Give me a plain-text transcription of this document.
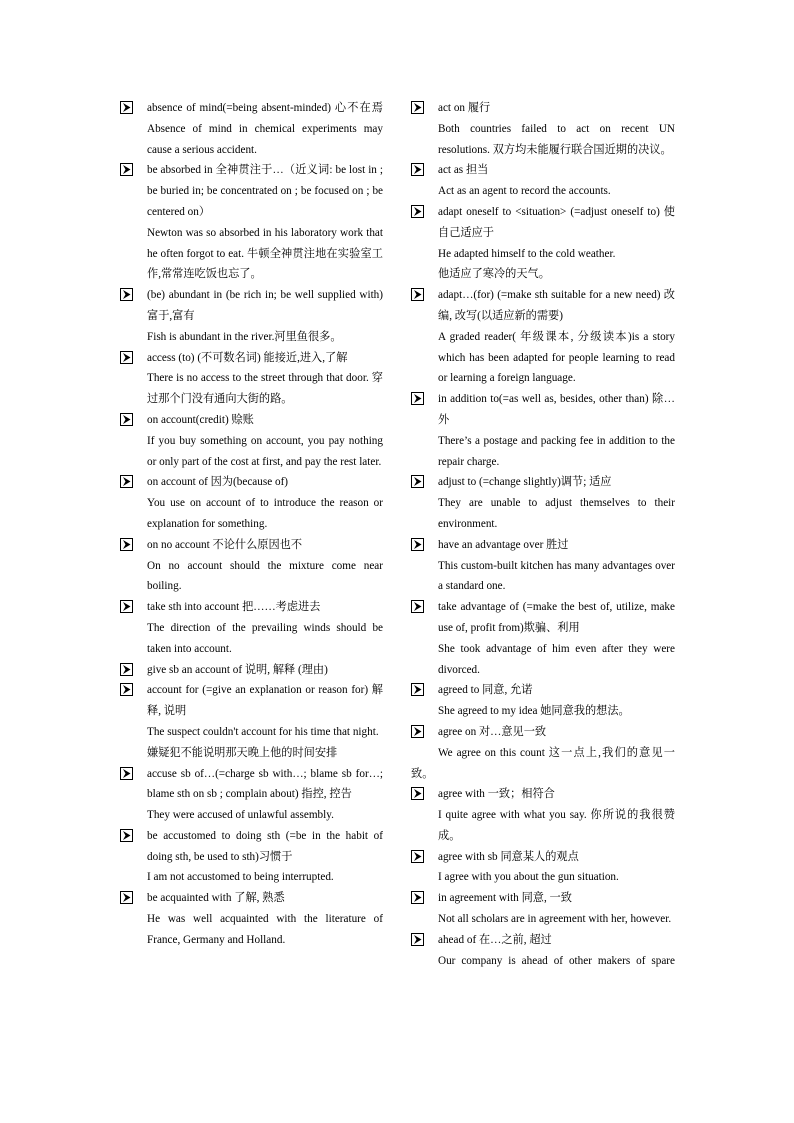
absence of mind(=being absent-minded) 心不在焉 Absence of mind in chemical experiments may cause a serious accident.
be absorbed in 全神贯注于…（近义词: be lost in ; be buried in; be concentrated on ; be focused on ; be centered on）
Newton was so absorbed in his laboratory work that he often forgot to eat. 牛顿全神贯注地在实验室工作,常常连吃饭也忘了。
(be) abundant in (be rich in; be well supplied with) 富于,富有
Fish is abundant in the river.河里鱼很多。
access (to) (不可数名词) 能接近,进入,了解
There is no access to the street through that door. 穿过那个门没有通向大街的路。
on account(credit) 赊账
If you buy something on account, you pay nothing or only part of the cost at first, and pay the rest later.
on account of 因为(because of)
You use on account of to introduce the reason or explanation for something.
on no account 不论什么原因也不
On no account should the mixture come near boiling.
take sth into account 把……考虑进去
The direction of the prevailing winds should be taken into account.
give sb an account of 说明, 解释 (理由)
account for (=give an explanation or reason for) 解释, 说明
The suspect couldn't account for his time that night.
嫌疑犯不能说明那天晚上他的时间安排
accuse sb of…(=charge sb with…; blame sb for…; blame sth on sb ; complain about) 指控, 控告
They were accused of unlawful assembly.
be accustomed to doing sth (=be in the habit of doing sth, be used to sth)习惯于
I am not accustomed to being interrupted.
be acquainted with 了解, 熟悉
He was well acquainted with the literature of France, Germany and Holland.
act on 履行
Both countries failed to act on recent UN resolutions. 双方均未能履行联合国近期的决议。
act as 担当
Act as an agent to record the accounts.
adapt oneself to <situation> (=adjust oneself to) 使自己适应于
He adapted himself to the cold weather.
他适应了寒冷的天气。
adapt…(for) (=make sth suitable for a new need) 改编, 改写(以适应新的需要)
A graded reader( 年级课本, 分级读本)is a story which has been adapted for people learning to read or learning a foreign language.
in addition to(=as well as, besides, other than) 除…外
There’s a postage and packing fee in addition to the repair charge.
adjust to (=change slightly)调节; 适应
They are unable to adjust themselves to their environment.
have an advantage over 胜过
This custom-built kitchen has many advantages over a standard one.
take advantage of (=make the best of, utilize, make use of, profit from)欺骗、利用
She took advantage of him even after they were divorced.
agreed to 同意, 允诺
She agreed to my idea 她同意我的想法。
agree on 对…意见一致
We agree on this count 这一点上,我们的意见一致。
agree with 一致；相符合
I quite agree with what you say. 你所说的我很赞成。
agree with sb 同意某人的观点
I agree with you about the gun situation.
in agreement with 同意, 一致
Not all scholars are in agreement with her, however.
ahead of 在…之前, 超过
Our company is ahead of other makers of spare
